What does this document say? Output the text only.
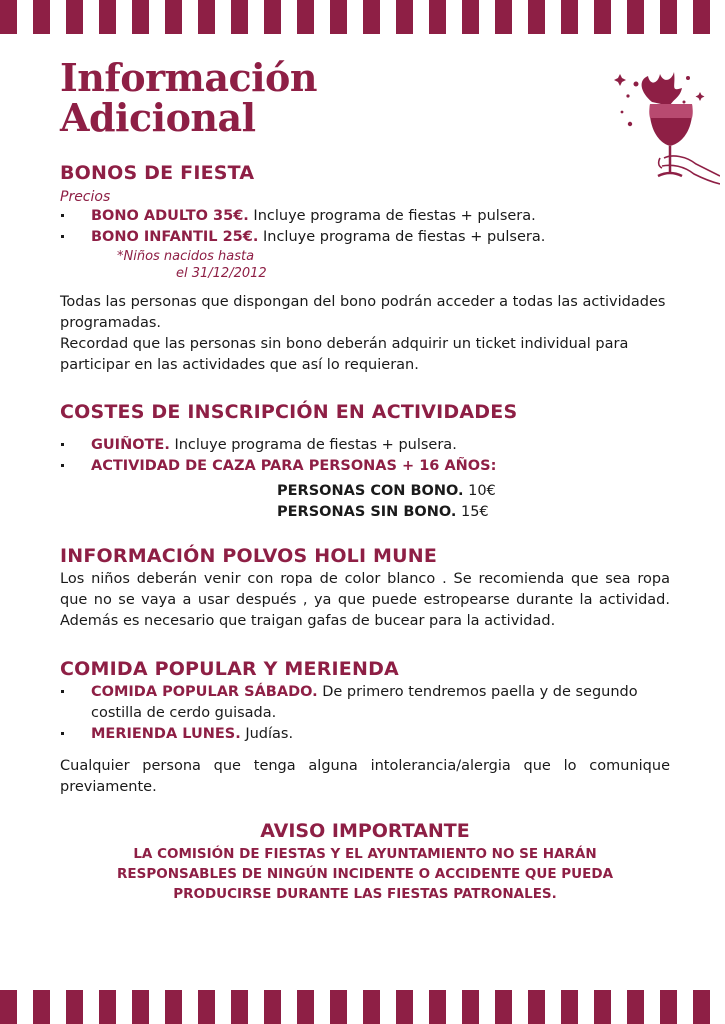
Información
Adicional
BONOS DE FIESTA
Precios
BONO ADULTO 35€. Incluye programa de fiestas + pulsera.
BONO INFANTIL 25€. Incluye programa de fiestas + pulsera.
*Niños nacidos hasta
el 31/12/2012

Todas las personas que dispongan del bono podrán acceder a todas las actividades programadas.

Recordad que las personas sin bono deberán adquirir un ticket individual para participar en las actividades que así lo requieran.

COSTES DE INSCRIPCIÓN EN ACTIVIDADES
GUIÑOTE. Incluye programa de fiestas + pulsera.
ACTIVIDAD DE CAZA PARA PERSONAS + 16 AÑOS:
PERSONAS CON BONO. 10€
PERSONAS SIN BONO. 15€
INFORMACIÓN POLVOS HOLI MUNE

Los niños deberán venir con ropa de color blanco . Se recomienda que sea ropa que no se vaya a usar después , ya que puede estropearse durante la actividad. Además es necesario que traigan gafas de bucear para la actividad.

COMIDA POPULAR Y MERIENDA
COMIDA POPULAR SÁBADO. De primero tendremos paella y de segundo costilla de cerdo guisada.
MERIENDA LUNES. Judías.

Cualquier persona que tenga alguna intolerancia/alergia que lo comunique previamente.

AVISO IMPORTANTE
LA COMISIÓN DE FIESTAS Y EL AYUNTAMIENTO NO SE HARÁN
RESPONSABLES DE NINGÚN INCIDENTE O ACCIDENTE QUE PUEDA
PRODUCIRSE DURANTE LAS FIESTAS PATRONALES.
